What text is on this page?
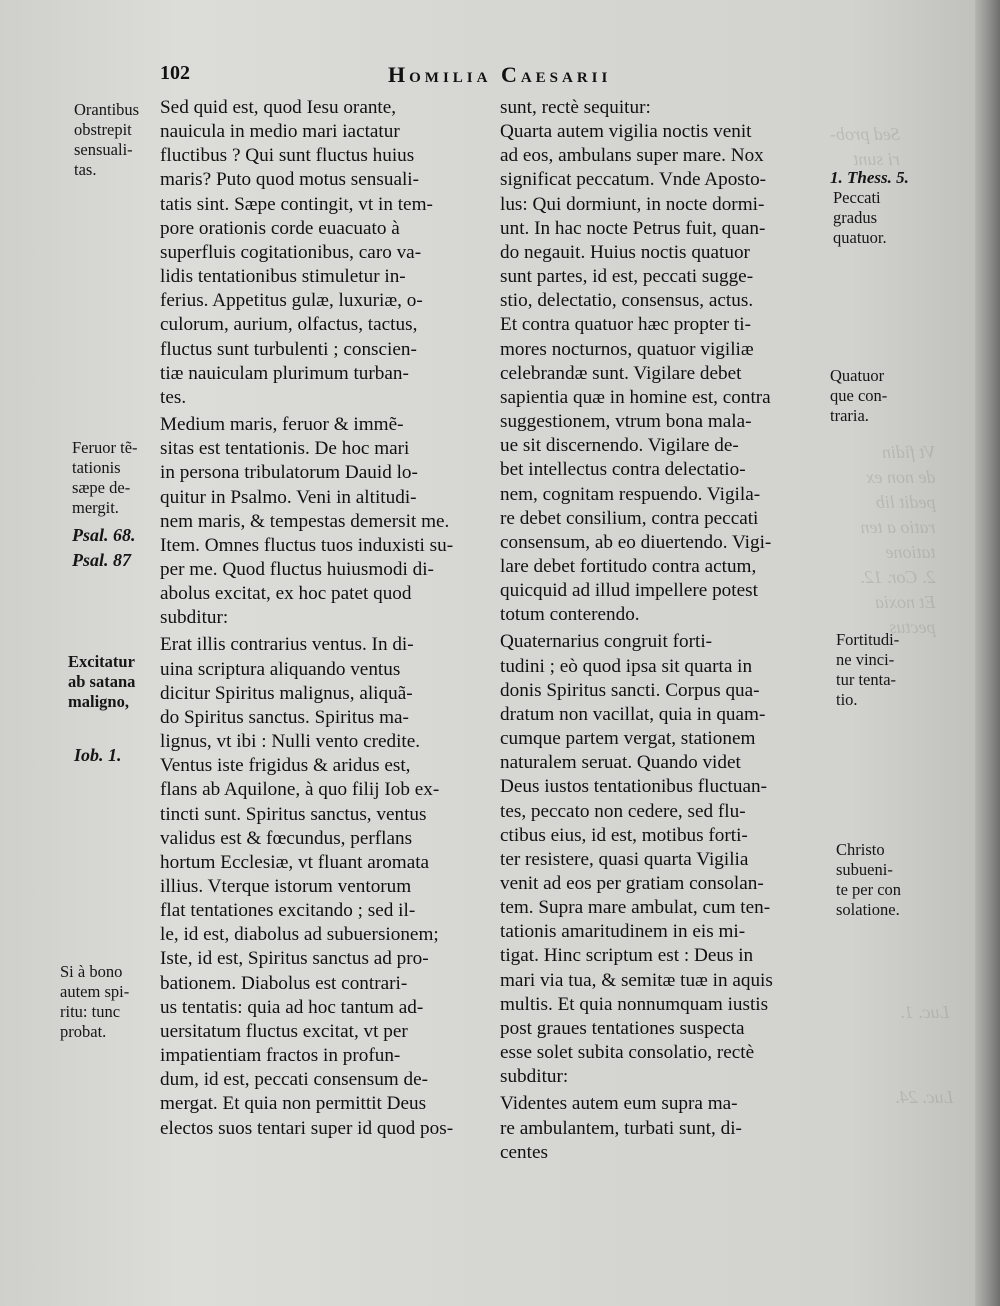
Sed prob-
ri sunt
Vt fidin
de non ex
pedit lib
ratio a ten
tatione
2. Cor. 12.
Et noxia
pectus
Luc. 1.
Luc. 24.
102	Homilia Caesarii
Sed quid est, quod Iesu orante,
nauicula in medio mari iactatur
fluctibus ? Qui sunt fluctus huius
maris? Puto quod motus sensuali-
tatis sint. Sæpe contingit, vt in tem-
pore orationis corde euacuato à
superfluis cogitationibus, caro va-
lidis tentationibus stimuletur in-
ferius. Appetitus gulæ, luxuriæ, o-
culorum, aurium, olfactus, tactus,
fluctus sunt turbulenti ; conscien-
tiæ nauiculam plurimum turban-
tes.
Medium maris, feruor & immẽ-
sitas est tentationis. De hoc mari
in persona tribulatorum Dauid lo-
quitur in Psalmo. Veni in altitudi-
nem maris, & tempestas demersit me.
Item. Omnes fluctus tuos induxisti su-
per me. Quod fluctus huiusmodi di-
abolus excitat, ex hoc patet quod
subditur:
Erat illis contrarius ventus. In di-
uina scriptura aliquando ventus
dicitur Spiritus malignus, aliquã-
do Spiritus sanctus. Spiritus ma-
lignus, vt ibi : Nulli vento credite.
Ventus iste frigidus & aridus est,
flans ab Aquilone, à quo filij Iob ex-
tincti sunt. Spiritus sanctus, ventus
validus est & fœcundus, perflans
hortum Ecclesiæ, vt fluant aromata
illius. Vterque istorum ventorum
flat tentationes excitando ; sed il-
le, id est, diabolus ad subuersionem;
Iste, id est, Spiritus sanctus ad pro-
bationem. Diabolus est contrari-
us tentatis: quia ad hoc tantum ad-
uersitatum fluctus excitat, vt per
impatientiam fractos in profun-
dum, id est, peccati consensum de-
mergat. Et quia non permittit Deus
electos suos tentari super id quod pos-
sunt, rectè sequitur:
Quarta autem vigilia noctis venit
ad eos, ambulans super mare. Nox
significat peccatum. Vnde Aposto-
lus: Qui dormiunt, in nocte dormi-
unt. In hac nocte Petrus fuit, quan-
do negauit. Huius noctis quatuor
sunt partes, id est, peccati sugge-
stio, delectatio, consensus, actus.
Et contra quatuor hæc propter ti-
mores nocturnos, quatuor vigiliæ
celebrandæ sunt. Vigilare debet
sapientia quæ in homine est, contra
suggestionem, vtrum bona mala-
ue sit discernendo. Vigilare de-
bet intellectus contra delectatio-
nem, cognitam respuendo. Vigila-
re debet consilium, contra peccati
consensum, ab eo diuertendo. Vigi-
lare debet fortitudo contra actum,
quicquid ad illud impellere potest
totum conterendo.
Quaternarius congruit forti-
tudini ; eò quod ipsa sit quarta in
donis Spiritus sancti. Corpus qua-
dratum non vacillat, quia in quam-
cumque partem vergat, stationem
naturalem seruat. Quando videt
Deus iustos tentationibus fluctuan-
tes, peccato non cedere, sed flu-
ctibus eius, id est, motibus forti-
ter resistere, quasi quarta Vigilia
venit ad eos per gratiam consolan-
tem. Supra mare ambulat, cum ten-
tationis amaritudinem in eis mi-
tigat. Hinc scriptum est : Deus in
mari via tua, & semitæ tuæ in aquis
multis. Et quia nonnumquam iustis
post graues tentationes suspecta
esse solet subita consolatio, rectè
subditur:
Videntes autem eum supra ma-
re ambulantem, turbati sunt, di-
centes
Orantibus
obstrepit
sensuali-
tas.
Feruor tẽ-
tationis
sæpe de-
mergit.
Psal. 68.
Psal. 87
Excitatur
ab satana
maligno,
Iob. 1.
Si à bono
autem spi-
ritu: tunc
probat.
1. Thess. 5.
Peccati
gradus
quatuor.
Quatuor
que con-
traria.
Fortitudi-
ne vinci-
tur tenta-
tio.
Christo
subueni-
te per con
solatione.
